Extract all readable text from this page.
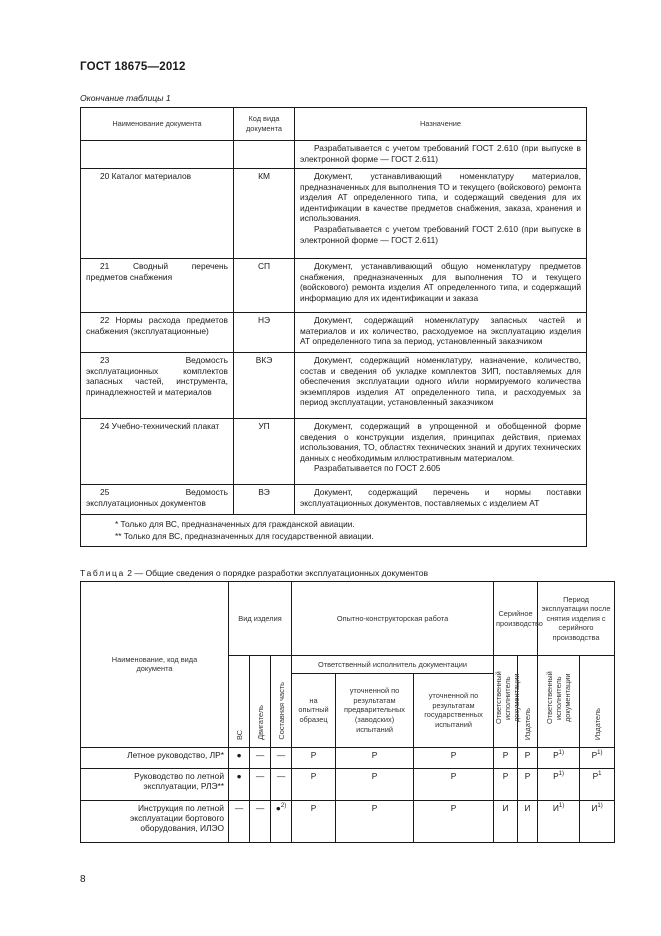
ГОСТ 18675—2012
Окончание таблицы 1
Наименование документа	Код вида документа	Назначение

		Разрабатывается с учетом требований ГОСТ 2.610 (при выпуске в электронной форме — ГОСТ 2.611)

20 Каталог материалов	КМ	Документ, устанавливающий номенклатуру материалов, предназначенных для выполнения ТО и текущего (войскового) ремонта изделия АТ определенного типа, и содержащий сведения для их идентификации в качестве предметов снабжения, заказа, хранения и использования.

Разрабатывается с учетом требований ГОСТ 2.610 (при выпуске в электронной форме — ГОСТ 2.611)

21 Сводный перечень предметов снабжения	СП	Документ, устанавливающий общую номенклатуру предметов снабжения, предназначенных для выполнения ТО и текущего (войскового) ремонта изделия АТ определенного типа, и содержащий информацию для их идентификации и заказа

22 Нормы расхода предметов снабжения (эксплуатационные)	НЭ	Документ, содержащий номенклатуру запасных частей и материалов и их количество, расходуемое на эксплуатацию изделия АТ определенного типа за период, установленный заказчиком

23 Ведомость эксплуатационных комплектов запасных частей, инструмента, принадлежностей и материалов	ВКЭ	Документ, содержащий номенклатуру, назначение, количество, состав и сведения об укладке комплектов ЗИП, поставляемых для обеспечения эксплуатации одного и/или нормируемого количества экземпляров изделия АТ определенного типа, и расходуемых за период эксплуатации, установленный заказчиком

24 Учебно-технический плакат	УП	Документ, содержащий в упрощенной и обобщенной форме сведения о конструкции изделия, принципах действия, приемах использования, ТО, областях технических знаний и других технических данных с необходимым иллюстративным материалом.

Разрабатывается по ГОСТ 2.605

25 Ведомость эксплуатационных документов	ВЭ	Документ, содержащий перечень и нормы поставки эксплуатационных документов, поставляемых с изделием АТ

* Только для ВС, предназначенных для гражданской авиации.
** Только для ВС, предназначенных для государственной авиации.		
Таблица 2 — Общие сведения о порядке разработки эксплуатационных документов
Наименование, код вида документа	Вид изделия			Опытно-конструкторская работа			Серийное производство		Период эксплуатации после снятия изделия с серийного производства	
	ВС	Двигатель	Составная часть	Ответственный исполнитель документации			Ответственный исполнитель документации	Издатель	Ответственный исполнитель документации	Издатель
				на опытный образец	уточненной по результатам предварительных (заводских) испытаний	уточненной по результатам государственных испытаний				
Летное руководство, ЛР*	●	—	—	Р	Р	Р	Р	Р	$Р^{1)}$	$Р^{1)}$
Руководство по летной эксплуатации, РЛЭ**	●	—	—	Р	Р	Р	Р	Р	$Р^{1)}$	$Р^1$
Инструкция по летной эксплуатации бортового оборудования, ИЛЭО	—	—	●$^{2)}$	Р	Р	Р	И	И	$И^{1)}$	$И^{1)}$
8
